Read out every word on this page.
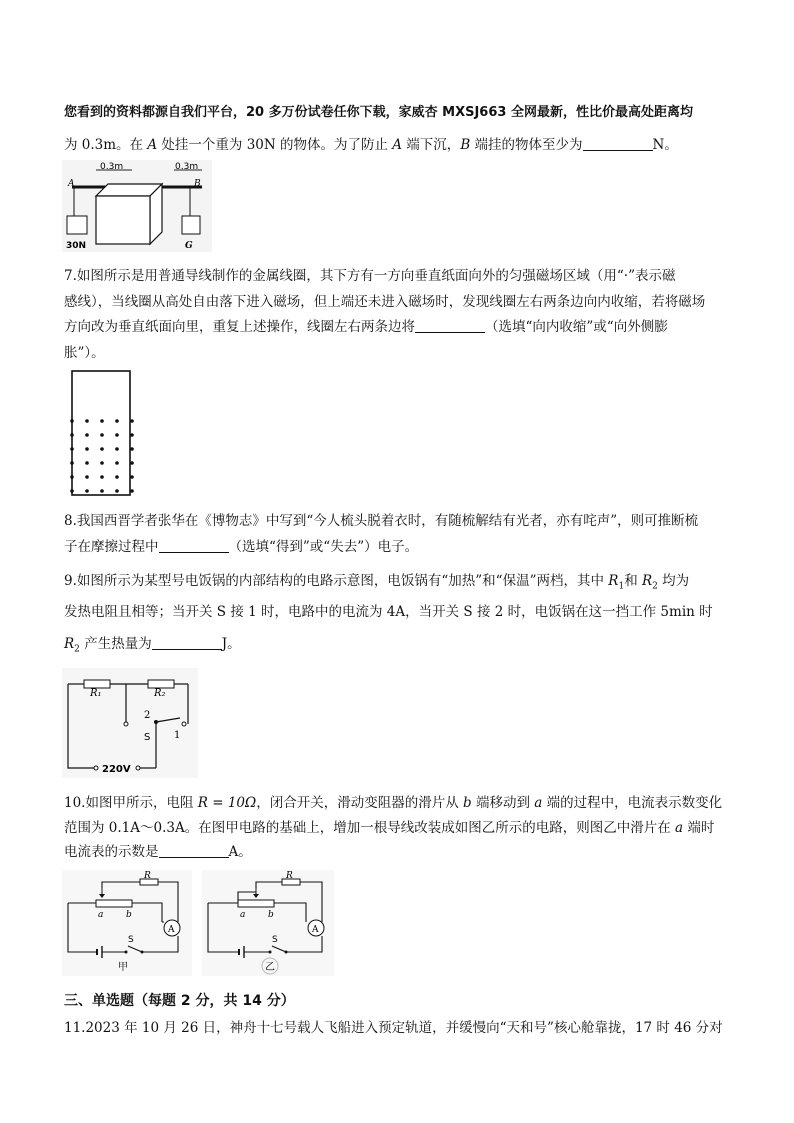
您看到的资料都源自我们平台，20 多万份试卷任你下载，家威杏 MXSJ663 全网最新，性比价最高处距离均
为 0.3m。在 A 处挂一个重为 30N 的物体。为了防止 A 端下沉，B 端挂的物体至少为	N。
0.3m	0.3m
A	B
30N	G
7.如图所示是用普通导线制作的金属线圈，其下方有一方向垂直纸面向外的匀强磁场区域（用“·”表示磁
感线），当线圈从高处自由落下进入磁场，但上端还未进入磁场时，发现线圈左右两条边向内收缩，若将磁场
方向改为垂直纸面向里，重复上述操作，线圈左右两条边将	（选填“向内收缩”或“向外侧膨
胀”）。
8.我国西晋学者张华在《博物志》中写到“今人梳头脱着衣时，有随梳解结有光者，亦有咤声”，则可推断梳
子在摩擦过程中	（选填“得到”或“失去”）电子。
9.如图所示为某型号电饭锅的内部结构的电路示意图，电饭锅有“加热”和“保温”两档，其中 $R_1$和 $R_2$ 均为
发热电阻且相等；当开关 S 接 1 时，电路中的电流为 4A，当开关 S 接 2 时，电饭锅在这一挡工作 5min 时
$R_2$ 产生热量为	J。
R₁	R₂
2
1
S
220V
10.如图甲所示，电阻 R = 10Ω，闭合开关，滑动变阻器的滑片从 b 端移动到 a 端的过程中，电流表示数变化
范围为 0.1A～0.3A。在图甲电路的基础上，增加一根导线改装成如图乙所示的电路，则图乙中滑片在 a 端时
电流表的示数是	A。
R
a	b
A
S
甲
R
a	b
A
S
乙
三、单选题（每题 2 分，共 14 分）
11.2023 年 10 月 26 日，神舟十七号载人飞船进入预定轨道，并缓慢向“天和号”核心舱靠拢，17 时 46 分对
